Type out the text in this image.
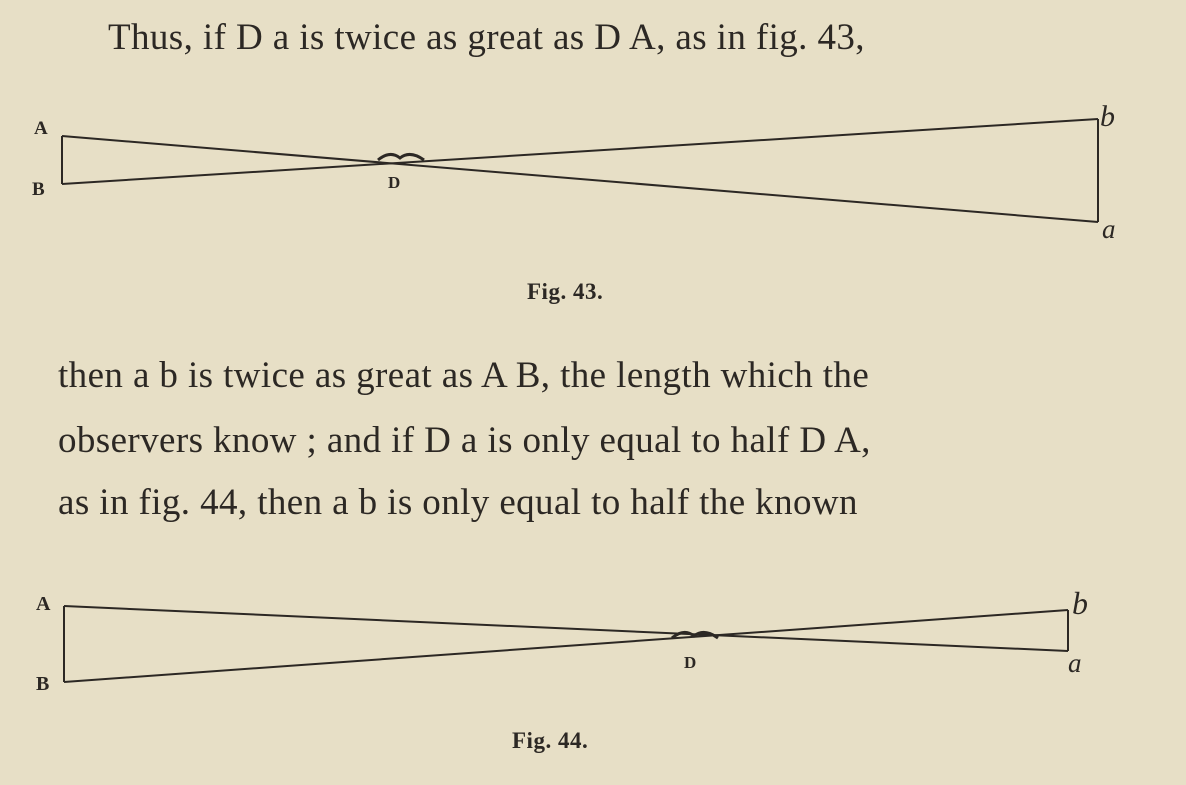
Thus, if D a is twice as great as D A, as in fig. 43,
A
B	D
b
a
Fig. 43.
then a b is twice as great as A B, the length which the
observers know ; and if D a is only equal to half D A,
as in fig. 44, then a b is only equal to half the known
A
B
D
b
a
Fig. 44.
